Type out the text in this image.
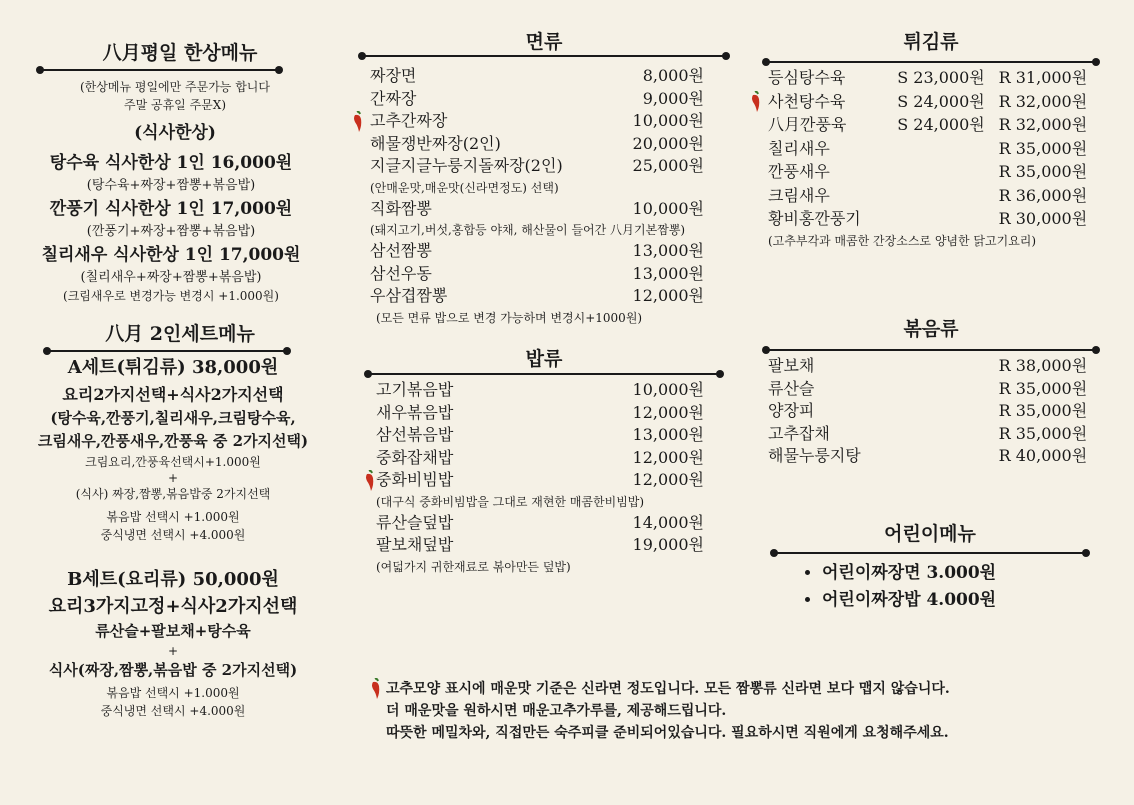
八月평일 한상메뉴
(한상메뉴 평일에만 주문가능 합니다
주말 공휴일 주문X)
(식사한상)
탕수육 식사한상 1인 16,000원
(탕수육+짜장+짬뽕+볶음밥)
깐풍기 식사한상 1인 17,000원
(깐풍기+짜장+짬뽕+볶음밥)
칠리새우 식사한상 1인 17,000원
(칠리새우+짜장+짬뽕+볶음밥)
(크림새우로 변경가능 변경시 +1.000원)
八月 2인세트메뉴
A세트(튀김류) 38,000원
요리2가지선택+식사2가지선택
(탕수육,깐풍기,칠리새우,크림탕수육,
크림새우,깐풍새우,깐풍육 중 2가지선택)
크림요리,깐풍육선택시+1.000원
+
(식사) 짜장,짬뽕,볶음밥중 2가지선택
볶음밥 선택시 +1.000원
중식냉면 선택시 +4.000원
B세트(요리류) 50,000원
요리3가지고정+식사2가지선택
류산슬+팔보채+탕수육
+
식사(짜장,짬뽕,볶음밥 중 2가지선택)
볶음밥 선택시 +1.000원
중식냉면 선택시 +4.000원
면류
짜장면	8,000원
간짜장	9,000원
고추간짜장	10,000원
해물쟁반짜장(2인)	20,000원
지글지글누룽지돌짜장(2인)	25,000원
(안매운맛,매운맛(신라면정도) 선택)
직화짬뽕	10,000원
(돼지고기,버섯,홍합등 야채, 해산물이 들어간 八月기본짬뽕)
삼선짬뽕	13,000원
삼선우동	13,000원
우삼겹짬뽕	12,000원
(모든 면류 밥으로 변경 가능하며 변경시+1000원)
밥류
고기볶음밥	10,000원
새우볶음밥	12,000원
삼선볶음밥	13,000원
중화잡채밥	12,000원
중화비빔밥	12,000원
(대구식 중화비빔밥을 그대로 재현한 매콤한비빔밥)
류산슬덮밥	14,000원
팔보채덮밥	19,000원
(여덟가지 귀한재료로 볶아만든 덮밥)
튀김류
등심탕수육	S 23,000원 R 31,000원
사천탕수육	S 24,000원 R 32,000원
八月깐풍육	S 24,000원 R 32,000원
칠리새우	R 35,000원
깐풍새우	R 35,000원
크림새우	R 36,000원
황비홍깐풍기	R 30,000원
(고추부각과 매콤한 간장소스로 양념한 닭고기요리)
볶음류
팔보채	R 38,000원
류산슬	R 35,000원
양장피	R 35,000원
고추잡채	R 35,000원
해물누룽지탕	R 40,000원
어린이메뉴
• 어린이짜장면 3.000원
• 어린이짜장밥 4.000원
고추모양 표시에 매운맛 기준은 신라면 정도입니다. 모든 짬뽕류 신라면 보다 맵지 않습니다.
더 매운맛을 원하시면 매운고추가루를, 제공해드립니다.
따뜻한 메밀차와, 직접만든 숙주피클 준비되어있습니다. 필요하시면 직원에게 요청해주세요.
